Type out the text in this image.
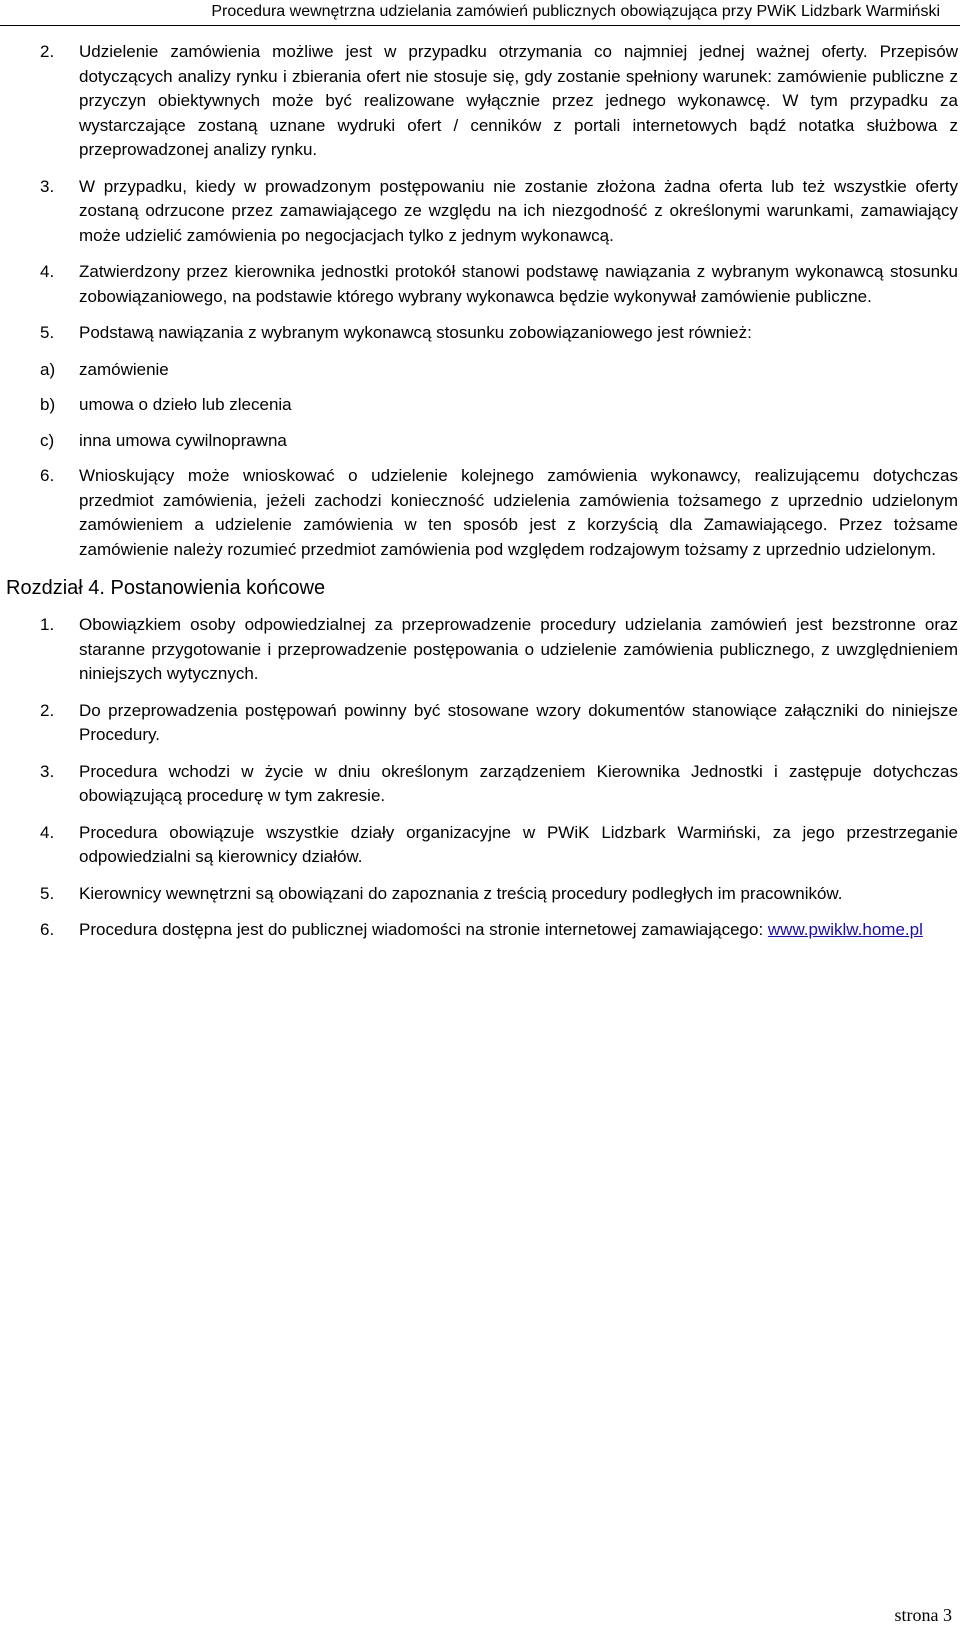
Procedura wewnętrzna udzielania zamówień publicznych obowiązująca przy PWiK Lidzbark Warmiński
2.	Udzielenie zamówienia możliwe jest w przypadku otrzymania co najmniej jednej ważnej oferty. Przepisów dotyczących analizy rynku i zbierania ofert nie stosuje się, gdy zostanie spełniony warunek: zamówienie publiczne z przyczyn obiektywnych może być realizowane wyłącznie przez jednego wykonawcę. W tym przypadku za wystarczające zostaną uznane wydruki ofert / cenników z portali internetowych bądź notatka służbowa z przeprowadzonej analizy rynku.
3.	W przypadku, kiedy w prowadzonym postępowaniu nie zostanie złożona żadna oferta lub też wszystkie oferty zostaną odrzucone przez zamawiającego ze względu na ich niezgodność z określonymi warunkami, zamawiający może udzielić zamówienia po negocjacjach tylko z jednym wykonawcą.
4.	Zatwierdzony przez kierownika jednostki protokół stanowi podstawę nawiązania z wybranym wykonawcą stosunku zobowiązaniowego, na podstawie którego wybrany wykonawca będzie wykonywał zamówienie publiczne.
5.	Podstawą nawiązania z wybranym wykonawcą stosunku zobowiązaniowego jest również:
a)	zamówienie
b)	umowa o dzieło lub zlecenia
c)	inna umowa cywilnoprawna
6.	Wnioskujący może wnioskować o udzielenie kolejnego zamówienia wykonawcy, realizującemu dotychczas przedmiot zamówienia, jeżeli zachodzi konieczność udzielenia zamówienia tożsamego z uprzednio udzielonym zamówieniem a udzielenie zamówienia w ten sposób jest z korzyścią dla Zamawiającego. Przez tożsame zamówienie należy rozumieć przedmiot zamówienia pod względem rodzajowym tożsamy z uprzednio udzielonym.
Rozdział 4. Postanowienia końcowe
1.	Obowiązkiem osoby odpowiedzialnej za przeprowadzenie procedury udzielania zamówień jest bezstronne oraz staranne przygotowanie i przeprowadzenie postępowania o udzielenie zamówienia publicznego, z uwzględnieniem niniejszych wytycznych.
2.	Do przeprowadzenia postępowań powinny być stosowane wzory dokumentów stanowiące załączniki do niniejsze Procedury.
3.	Procedura wchodzi w życie w dniu określonym zarządzeniem Kierownika Jednostki i zastępuje dotychczas obowiązującą procedurę w tym zakresie.
4.	Procedura obowiązuje wszystkie działy organizacyjne w PWiK Lidzbark Warmiński, za jego przestrzeganie odpowiedzialni są kierownicy działów.
5.	Kierownicy wewnętrzni są obowiązani do zapoznania z treścią procedury podległych im pracowników.
6.	Procedura dostępna jest do publicznej wiadomości na stronie internetowej zamawiającego: www.pwiklw.home.pl
strona 3
